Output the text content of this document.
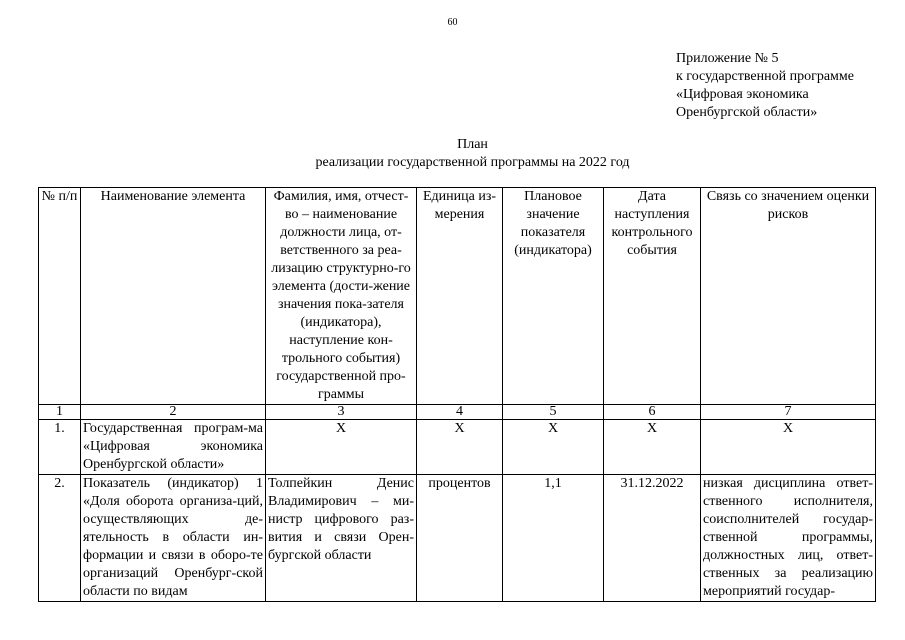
60
Приложение № 5
к государственной программе
«Цифровая экономика
Оренбургской области»
План
реализации государственной программы на 2022 год
№ п/п	Наименование элемента	Фамилия, имя, отчест-во – наименование должности лица, от-ветственного за реа-лизацию структурно-го элемента (дости-жение значения пока-зателя (индикатора), наступление кон-трольного события) государственной про-граммы	Единица из-мерения	Плановое значение показателя (индикатора)	Дата наступления контрольного события	Связь со значением оценки рисков
1	2	3	4	5	6	7
1.	Государственная програм-ма «Цифровая экономика Оренбургской области»	Х	Х	Х	Х	Х
2.	Показатель (индикатор) 1 «Доля оборота организа-ций, осуществляющих де-ятельность в области ин-формации и связи в оборо-те организаций Оренбург-ской области по видам	Толпейкин Денис Владимирович – ми-нистр цифрового раз-вития и связи Орен-бургской области	процентов	1,1	31.12.2022	низкая дисциплина ответ-ственного исполнителя, соисполнителей государ-ственной программы, должностных лиц, ответ-ственных за реализацию мероприятий государ-
